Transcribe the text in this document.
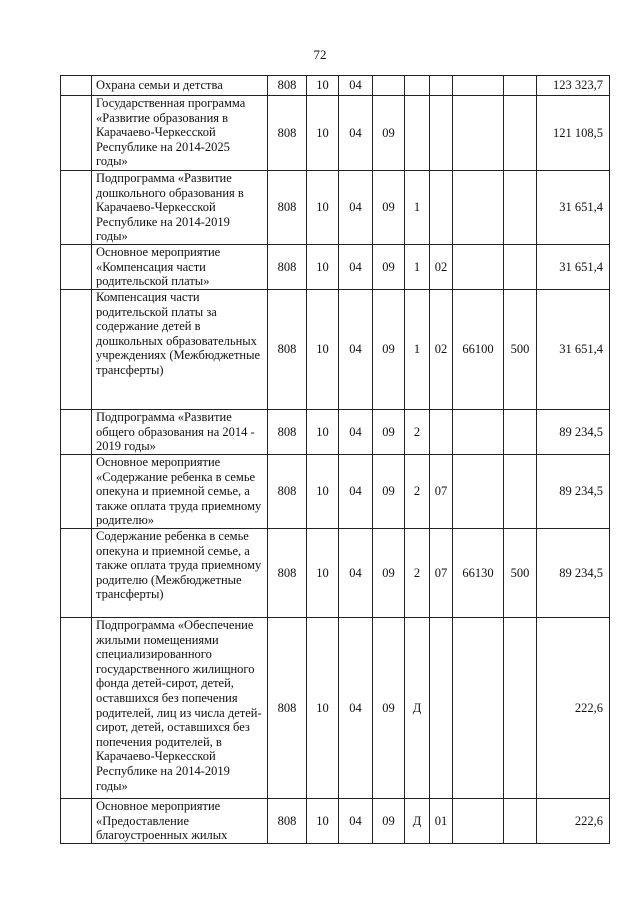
72
	Охрана семьи и детства	808	10	04						123 323,7
	Государственная программа «Развитие образования в Карачаево-Черкесской Республике на 2014-2025 годы»	808	10	04	09					121 108,5
	Подпрограмма «Развитие дошкольного образования в Карачаево-Черкесской Республике на 2014-2019 годы»	808	10	04	09	1				31 651,4
	Основное мероприятие «Компенсация части родительской платы»	808	10	04	09	1	02			31 651,4
	Компенсация части родительской платы за содержание детей в дошкольных образовательных учреждениях (Межбюджетные трансферты)	808	10	04	09	1	02	66100	500	31 651,4
	Подпрограмма «Развитие общего образования на 2014 - 2019 годы»	808	10	04	09	2				89 234,5
	Основное мероприятие «Содержание ребенка в семье опекуна и приемной семье, а также оплата труда приемному родителю»	808	10	04	09	2	07			89 234,5
	Содержание ребенка в семье опекуна и приемной семье, а также оплата труда приемному родителю (Межбюджетные трансферты)	808	10	04	09	2	07	66130	500	89 234,5
	Подпрограмма «Обеспечение жилыми помещениями специализированного государственного жилищного фонда детей-сирот, детей, оставшихся без попечения родителей, лиц из числа детей-сирот, детей, оставшихся без попечения родителей, в Карачаево-Черкесской Республике на 2014-2019 годы»	808	10	04	09	Д				222,6
	Основное мероприятие «Предоставление благоустроенных жилых	808	10	04	09	Д	01			222,6
